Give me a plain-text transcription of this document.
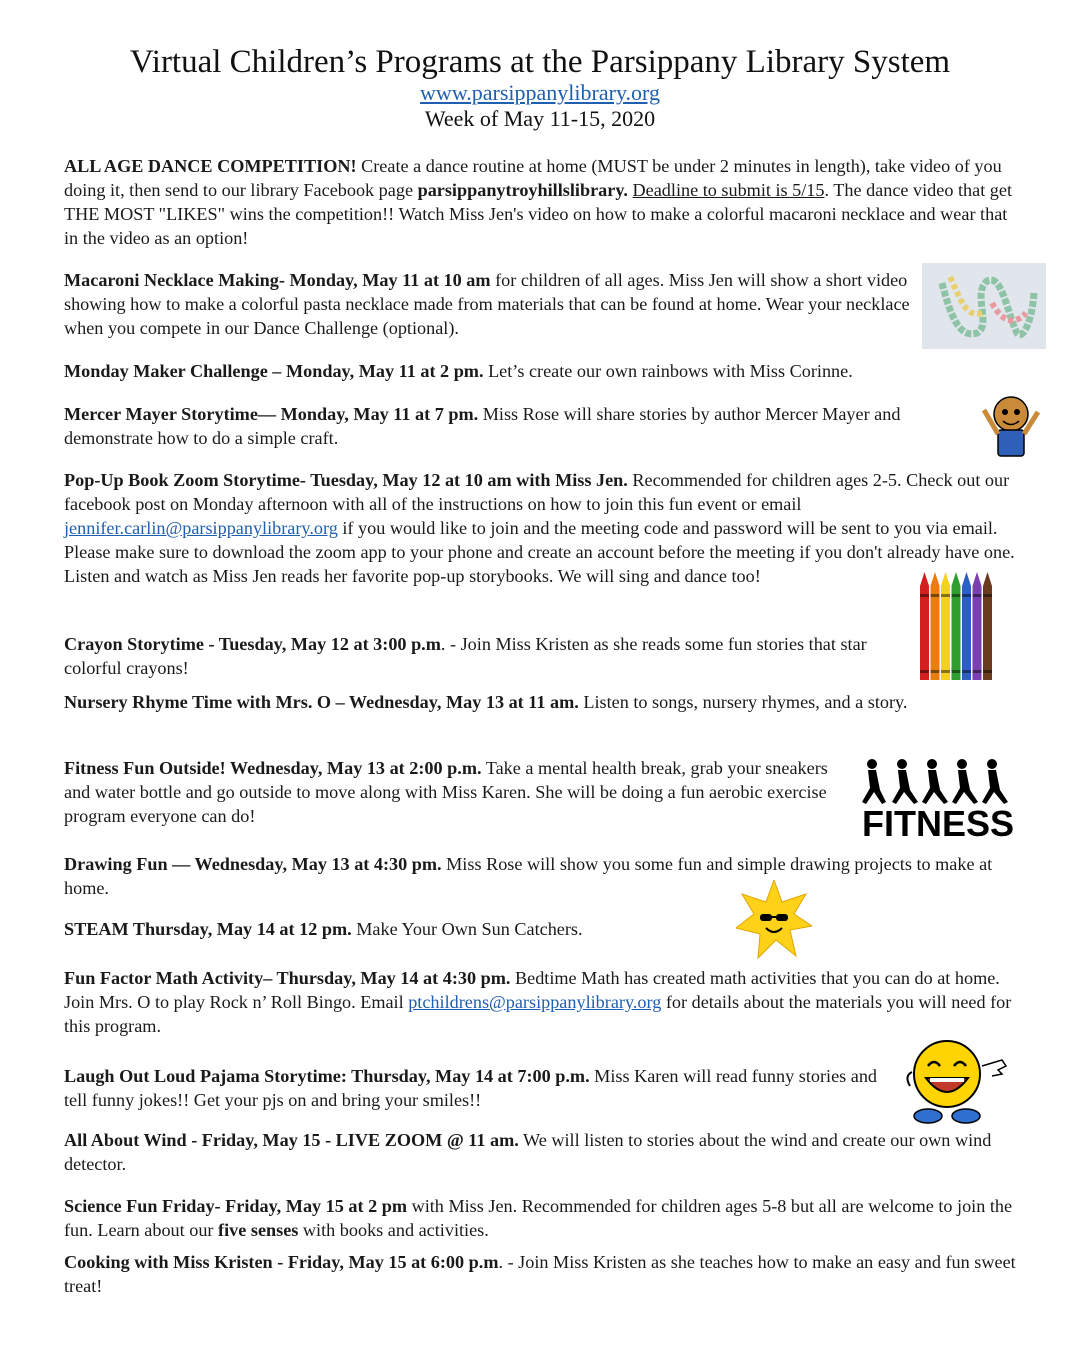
Virtual Children’s Programs at the Parsippany Library System
www.parsippanylibrary.org
Week of May 11-15, 2020

ALL AGE DANCE COMPETITION! Create a dance routine at home (MUST be under 2 minutes in length), take video of you doing it, then send to our library Facebook page parsippanytroyhillslibrary. Deadline to submit is 5/15. The dance video that get THE MOST "LIKES" wins the competition!! Watch Miss Jen's video on how to make a colorful macaroni necklace and wear that in the video as an option!

Macaroni Necklace Making- Monday, May 11 at 10 am for children of all ages. Miss Jen will show a short video showing how to make a colorful pasta necklace made from materials that can be found at home. Wear your necklace when you compete in our Dance Challenge (optional).

Monday Maker Challenge – Monday, May 11 at 2 pm. Let’s create our own rainbows with Miss Corinne.

Mercer Mayer Storytime— Monday, May 11 at 7 pm. Miss Rose will share stories by author Mercer Mayer and demonstrate how to do a simple craft.

Pop-Up Book Zoom Storytime- Tuesday, May 12 at 10 am with Miss Jen. Recommended for children ages 2-5. Check out our facebook post on Monday afternoon with all of the instructions on how to join this fun event or email jennifer.carlin@parsippanylibrary.org if you would like to join and the meeting code and password will be sent to you via email. Please make sure to download the zoom app to your phone and create an account before the meeting if you don't already have one. Listen and watch as Miss Jen reads her favorite pop-up storybooks. We will sing and dance too!

Crayon Storytime - Tuesday, May 12 at 3:00 p.m. - Join Miss Kristen as she reads some fun stories that star colorful crayons!

Nursery Rhyme Time with Mrs. O – Wednesday, May 13 at 11 am. Listen to songs, nursery rhymes, and a story.

Fitness Fun Outside! Wednesday, May 13 at 2:00 p.m. Take a mental health break, grab your sneakers and water bottle and go outside to move along with Miss Karen. She will be doing a fun aerobic exercise program everyone can do!	FITNESS

Drawing Fun — Wednesday, May 13 at 4:30 pm. Miss Rose will show you some fun and simple drawing projects to make at home.

STEAM Thursday, May 14 at 12 pm. Make Your Own Sun Catchers.

Fun Factor Math Activity– Thursday, May 14 at 4:30 pm. Bedtime Math has created math activities that you can do at home. Join Mrs. O to play Rock n’ Roll Bingo. Email ptchildrens@parsippanylibrary.org for details about the materials you will need for this program.

Laugh Out Loud Pajama Storytime: Thursday, May 14 at 7:00 p.m. Miss Karen will read funny stories and tell funny jokes!! Get your pjs on and bring your smiles!!

All About Wind - Friday, May 15 - LIVE ZOOM @ 11 am. We will listen to stories about the wind and create our own wind detector.

Science Fun Friday- Friday, May 15 at 2 pm with Miss Jen. Recommended for children ages 5-8 but all are welcome to join the fun. Learn about our five senses with books and activities.

Cooking with Miss Kristen - Friday, May 15 at 6:00 p.m. - Join Miss Kristen as she teaches how to make an easy and fun sweet treat!
